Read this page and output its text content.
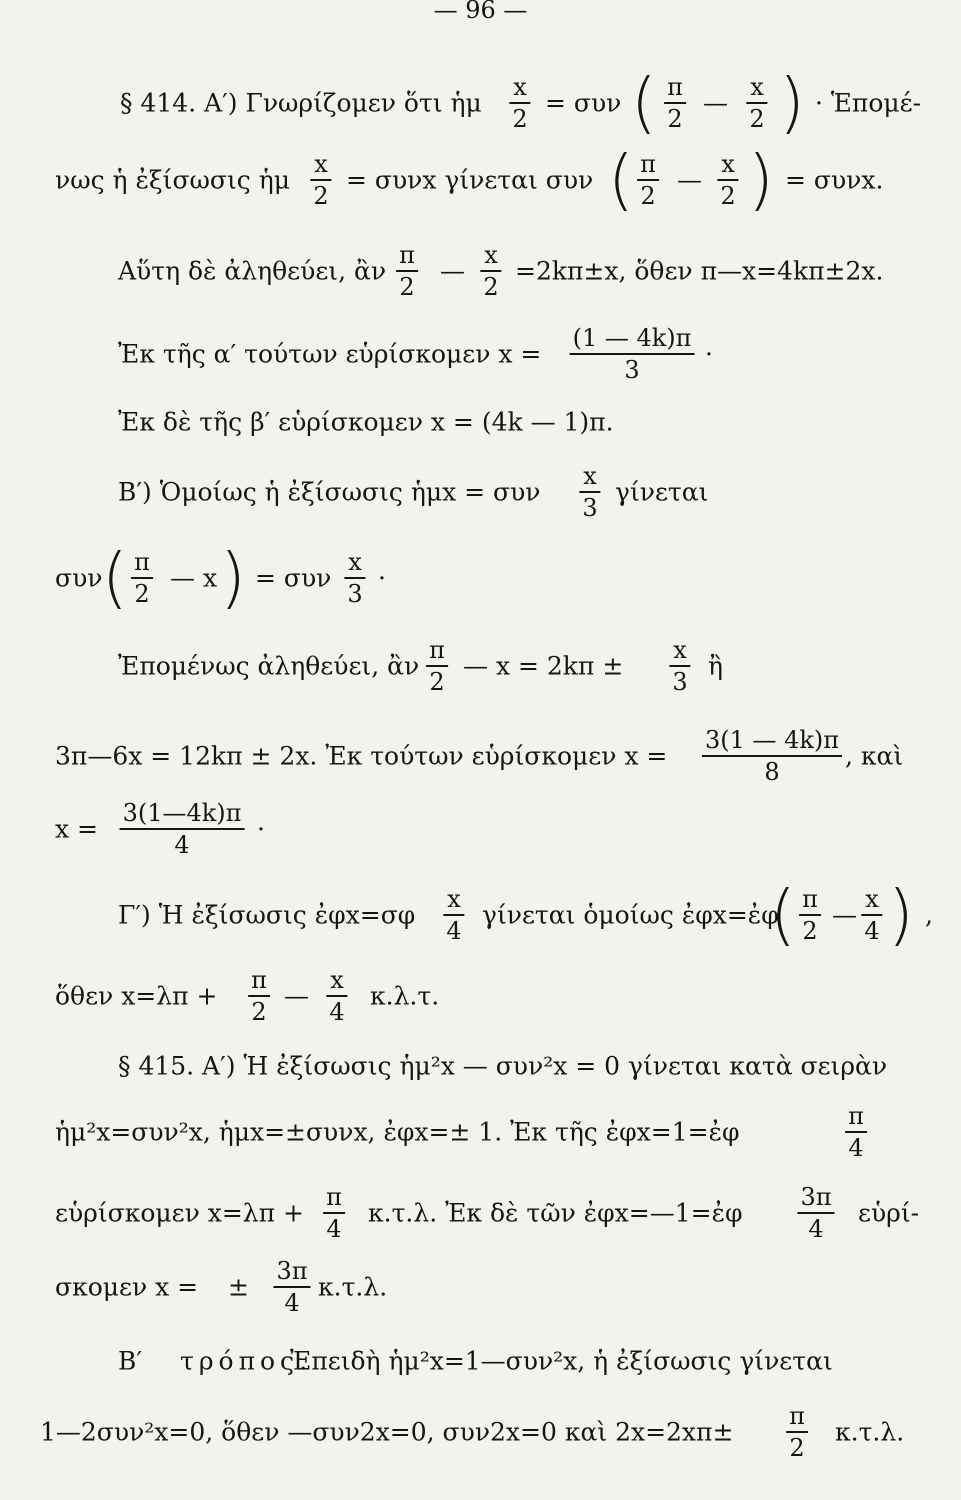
— 96 —
§ 414. Α′) Γνωρίζομεν ὅτι ἡμ
x
2
= συν ( π
2
—
x
2 ) · Ἑπομέ-
νως ἡ ἐξίσωσις ἡμ
x
2
= συνx γίνεται συν ( π
2
—
x
2 ) = συνx.
Αὕτη δὲ ἀληθεύει, ἂν
π
2
—
x
2
=2kπ±x, ὅθεν π—x=4kπ±2x.
Ἐκ τῆς α′ τούτων εὑρίσκομεν x =
(1 — 4k)π
3
·
Ἐκ δὲ τῆς β′ εὑρίσκομεν x = (4k — 1)π.
Β′) Ὁμοίως ἡ ἐξίσωσις ἡμx = συν
x
3
γίνεται
συν ( π
2
— x ) = συν
x
3
·
Ἐπομένως ἀληθεύει, ἂν
π
2
— x = 2kπ ±
x
3
ἢ
3π—6x = 12kπ ± 2x. Ἐκ τούτων εὑρίσκομεν x =
3(1 — 4k)π
8
, καὶ
x =
3(1—4k)π
4
·
Γ′) Ἡ ἐξίσωσις ἐφx=σφ
x
4
γίνεται ὁμοίως ἐφx=ἐφ
( π
2
—
x
4 ) ,
ὅθεν x=λπ +
π
2
—
x
4
κ.λ.τ.
§ 415. Α′) Ἡ ἐξίσωσις ἡμ²x — συν²x = 0 γίνεται κατὰ σειρὰν
ἡμ²x=συν²x, ἡμx=±συνx, ἐφx=± 1. Ἐκ τῆς ἐφx=1=ἐφ
π
4
εὑρίσκομεν x=λπ +
π
4
κ.τ.λ. Ἐκ δὲ τῶν ἐφx=—1=ἐφ
3π
4
εὑρί-
σκομεν x = ±
3π
4
κ.τ.λ.
Β′ τρόπος.
Ἐπειδὴ ἡμ²x=1—συν²x, ἡ ἐξίσωσις γίνεται
1—2συν²x=0, ὅθεν —συν2x=0, συν2x=0 καὶ 2x=2xπ±
π
2
κ.τ.λ.
